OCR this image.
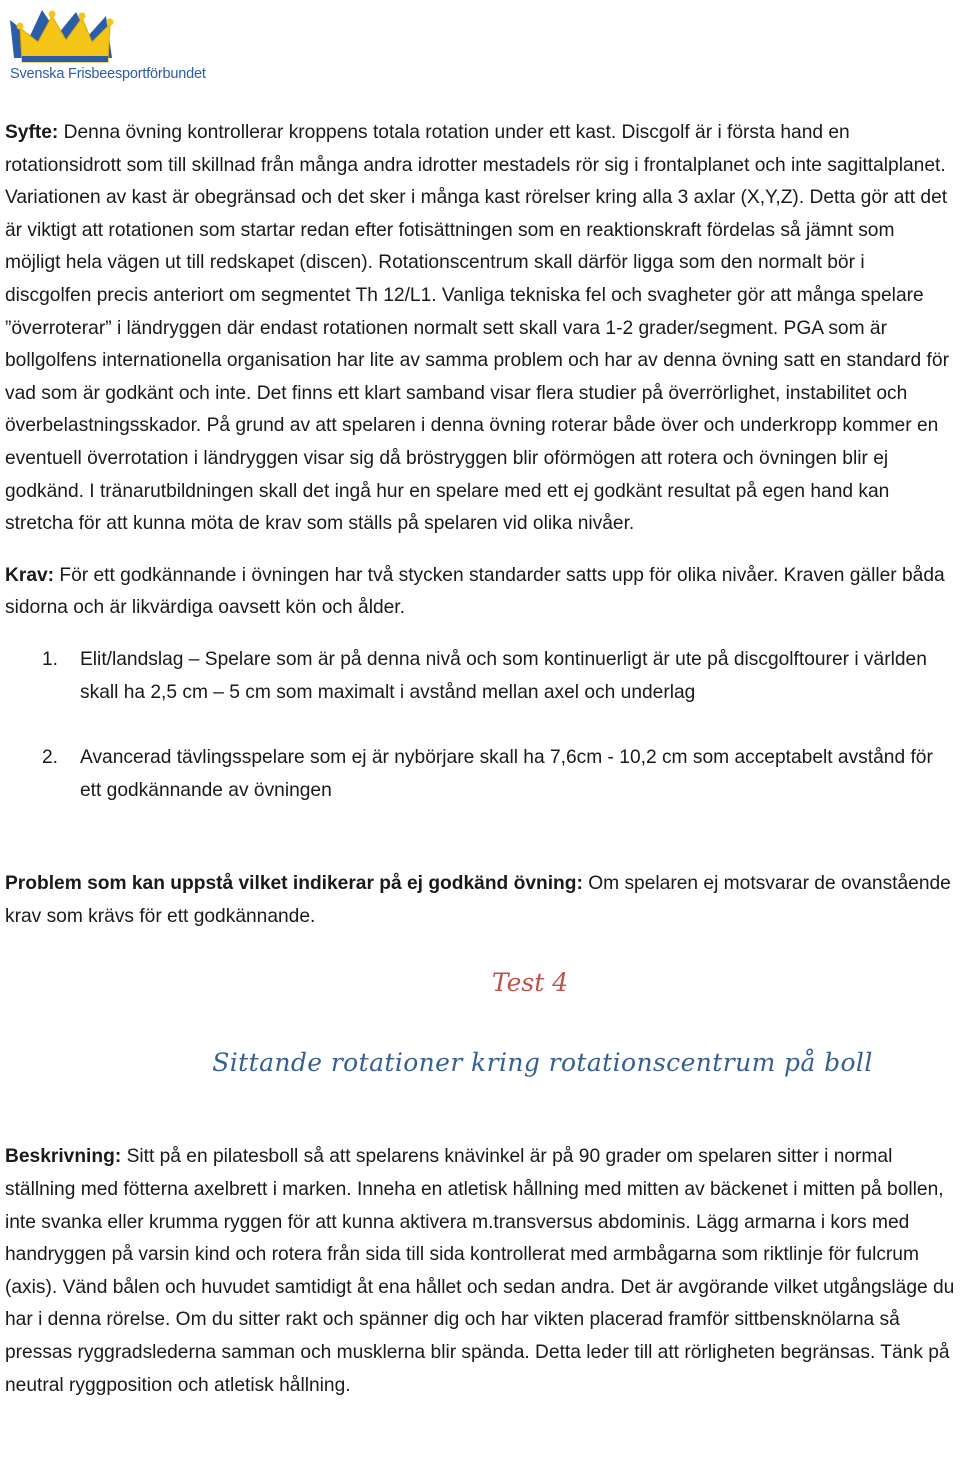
Svenska Frisbeesportförbundet

Syfte: Denna övning kontrollerar kroppens totala rotation under ett kast. Discgolf är i första hand en rotationsidrott som till skillnad från många andra idrotter mestadels rör sig i frontalplanet och inte sagittalplanet. Variationen av kast är obegränsad och det sker i många kast rörelser kring alla 3 axlar (X,Y,Z). Detta gör att det är viktigt att rotationen som startar redan efter fotisättningen som en reaktionskraft fördelas så jämnt som möjligt hela vägen ut till redskapet (discen). Rotationscentrum skall därför ligga som den normalt bör i discgolfen precis anteriort om segmentet Th 12/L1. Vanliga tekniska fel och svagheter gör att många spelare ”överroterar” i ländryggen där endast rotationen normalt sett skall vara 1-2 grader/segment. PGA som är bollgolfens internationella organisation har lite av samma problem och har av denna övning satt en standard för vad som är godkänt och inte. Det finns ett klart samband visar flera studier på överrörlighet, instabilitet och överbelastningsskador. På grund av att spelaren i denna övning roterar både över och underkropp kommer en eventuell överrotation i ländryggen visar sig då bröstryggen blir oförmögen att rotera och övningen blir ej godkänd. I tränarutbildningen skall det ingå hur en spelare med ett ej godkänt resultat på egen hand kan stretcha för att kunna möta de krav som ställs på spelaren vid olika nivåer.

Krav: För ett godkännande i övningen har två stycken standarder satts upp för olika nivåer. Kraven gäller båda sidorna och är likvärdiga oavsett kön och ålder.

1. Elit/landslag – Spelare som är på denna nivå och som kontinuerligt är ute på discgolftourer i världen skall ha 2,5 cm – 5 cm som maximalt i avstånd mellan axel och underlag
2. Avancerad tävlingsspelare som ej är nybörjare skall ha 7,6cm - 10,2 cm som acceptabelt avstånd för ett godkännande av övningen

Problem som kan uppstå vilket indikerar på ej godkänd övning: Om spelaren ej motsvarar de ovanstående krav som krävs för ett godkännande.

Test 4
Sittande rotationer kring rotationscentrum på boll

Beskrivning: Sitt på en pilatesboll så att spelarens knävinkel är på 90 grader om spelaren sitter i normal ställning med fötterna axelbrett i marken. Inneha en atletisk hållning med mitten av bäckenet i mitten på bollen, inte svanka eller krumma ryggen för att kunna aktivera m.transversus abdominis. Lägg armarna i kors med handryggen på varsin kind och rotera från sida till sida kontrollerat med armbågarna som riktlinje för fulcrum (axis). Vänd bålen och huvudet samtidigt åt ena hållet och sedan andra. Det är avgörande vilket utgångsläge du har i denna rörelse. Om du sitter rakt och spänner dig och har vikten placerad framför sittbensknölarna så pressas ryggradslederna samman och musklerna blir spända. Detta leder till att rörligheten begränsas. Tänk på neutral ryggposition och atletisk hållning.
